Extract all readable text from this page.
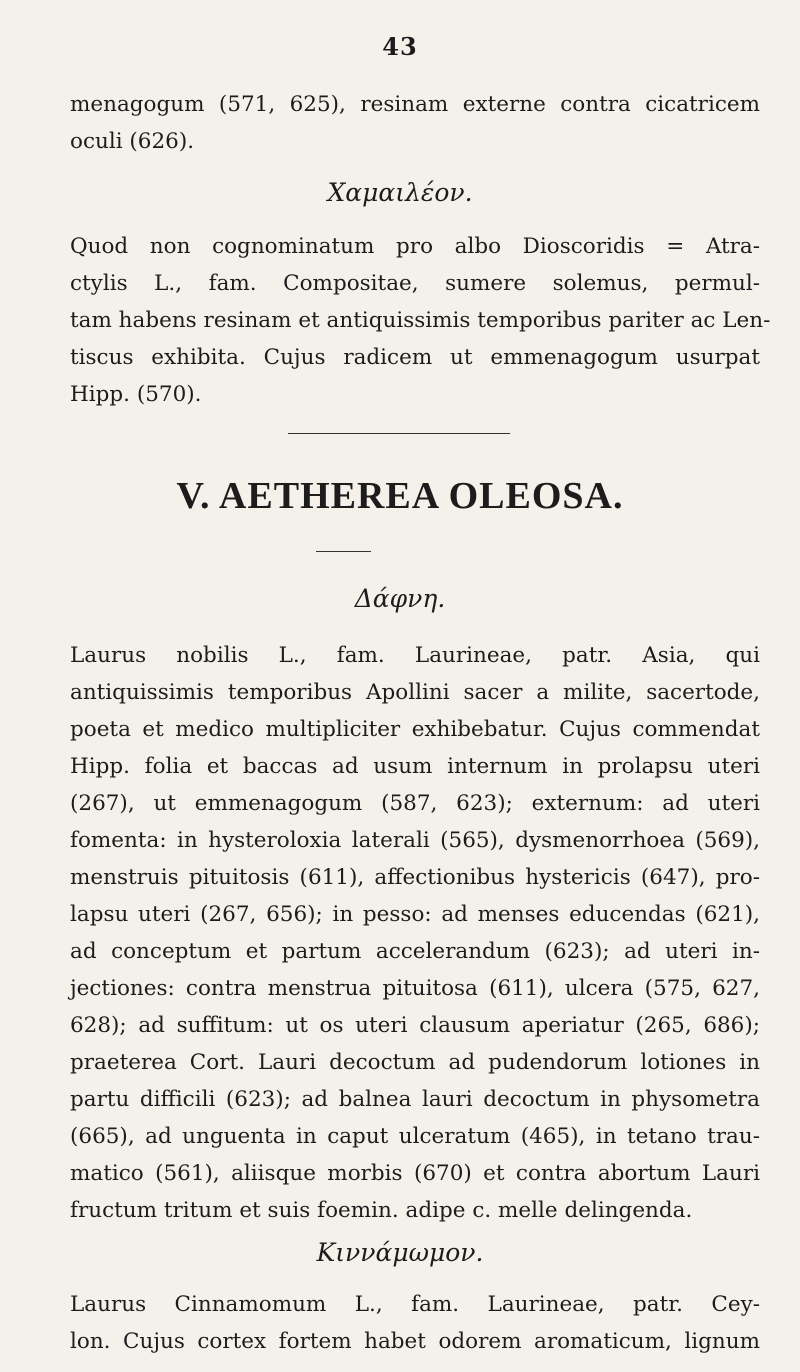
43
menagogum (571, 625), resinam externe contra cicatricem
oculi (626).
Χαμαιλέον.
Quod non cognominatum pro albo Dioscoridis = Atra-
ctylis L., fam. Compositae, sumere solemus, permul-
tam habens resinam et antiquissimis temporibus pariter ac Len-
tiscus exhibita. Cujus radicem ut emmenagogum usurpat
Hipp. (570).
V. AETHEREA OLEOSA.
Δάφνη.
Laurus nobilis L., fam. Laurineae, patr. Asia, qui
antiquissimis temporibus Apollini sacer a milite, sacertode,
poeta et medico multipliciter exhibebatur. Cujus commendat
Hipp. folia et baccas ad usum internum in prolapsu uteri
(267), ut emmenagogum (587, 623); externum: ad uteri
fomenta: in hysteroloxia laterali (565), dysmenorrhoea (569),
menstruis pituitosis (611), affectionibus hystericis (647), pro-
lapsu uteri (267, 656); in pesso: ad menses educendas (621),
ad conceptum et partum accelerandum (623); ad uteri in-
jectiones: contra menstrua pituitosa (611), ulcera (575, 627,
628); ad suffitum: ut os uteri clausum aperiatur (265, 686);
praeterea Cort. Lauri decoctum ad pudendorum lotiones in
partu difficili (623); ad balnea lauri decoctum in physometra
(665), ad unguenta in caput ulceratum (465), in tetano trau-
matico (561), aliisque morbis (670) et contra abortum Lauri
fructum tritum et suis foemin. adipe c. melle delingenda.
Κιννάμωμον.
Laurus Cinnamomum L., fam. Laurineae, patr. Cey-
lon. Cujus cortex fortem habet odorem aromaticum, lignum
